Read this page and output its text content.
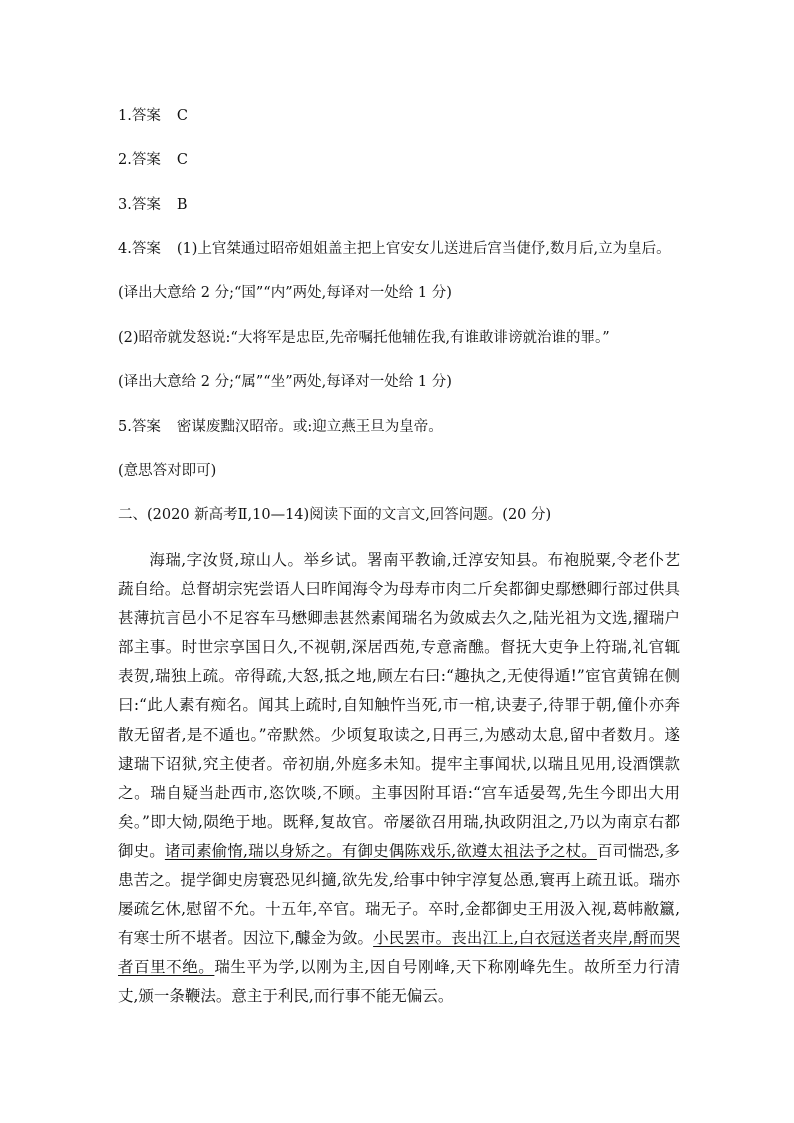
1.答案 C
2.答案 C
3.答案 B
4.答案 (1)上官桀通过昭帝姐姐盖主把上官安女儿送进后宫当倢伃,数月后,立为皇后。
(译出大意给 2 分;“国”“内”两处,每译对一处给 1 分)
(2)昭帝就发怒说:“大将军是忠臣,先帝嘱托他辅佐我,有谁敢诽谤就治谁的罪。”
(译出大意给 2 分;“属”“坐”两处,每译对一处给 1 分)
5.答案 密谋废黜汉昭帝。或:迎立燕王旦为皇帝。
(意思答对即可)
二、(2020 新高考Ⅱ,10—14)阅读下面的文言文,回答问题。(20 分)
海瑞,字汝贤,琼山人。举乡试。署南平教谕,迁淳安知县。布袍脱粟,令老仆艺蔬自给。总督胡宗宪尝语人曰昨闻海令为母寿市肉二斤矣都御史鄢懋卿行部过供具甚薄抗言邑小不足容车马懋卿恚甚然素闻瑞名为敛威去久之,陆光祖为文选,擢瑞户部主事。时世宗享国日久,不视朝,深居西苑,专意斋醮。督抚大吏争上符瑞,礼官辄表贺,瑞独上疏。帝得疏,大怒,抵之地,顾左右曰:“趣执之,无使得遁!”宦官黄锦在侧曰:“此人素有痴名。闻其上疏时,自知触忤当死,市一棺,诀妻子,待罪于朝,僮仆亦奔散无留者,是不遁也。”帝默然。少顷复取读之,日再三,为感动太息,留中者数月。遂逮瑞下诏狱,究主使者。帝初崩,外庭多未知。提牢主事闻状,以瑞且见用,设酒馔款之。瑞自疑当赴西市,恣饮啖,不顾。主事因附耳语:“宫车适晏驾,先生今即出大用矣。”即大恸,陨绝于地。既释,复故官。帝屡欲召用瑞,执政阴沮之,乃以为南京右都御史。诸司素偷惰,瑞以身矫之。有御史偶陈戏乐,欲遵太祖法予之杖。百司惴恐,多患苦之。提学御史房寰恐见纠擿,欲先发,给事中钟宇淳复怂恿,寰再上疏丑诋。瑞亦屡疏乞休,慰留不允。十五年,卒官。瑞无子。卒时,金都御史王用汲入视,葛帏敝籝,有寒士所不堪者。因泣下,醵金为敛。小民罢市。丧出江上,白衣冠送者夹岸,酹而哭者百里不绝。瑞生平为学,以刚为主,因自号刚峰,天下称刚峰先生。故所至力行清丈,颁一条鞭法。意主于利民,而行事不能无偏云。
